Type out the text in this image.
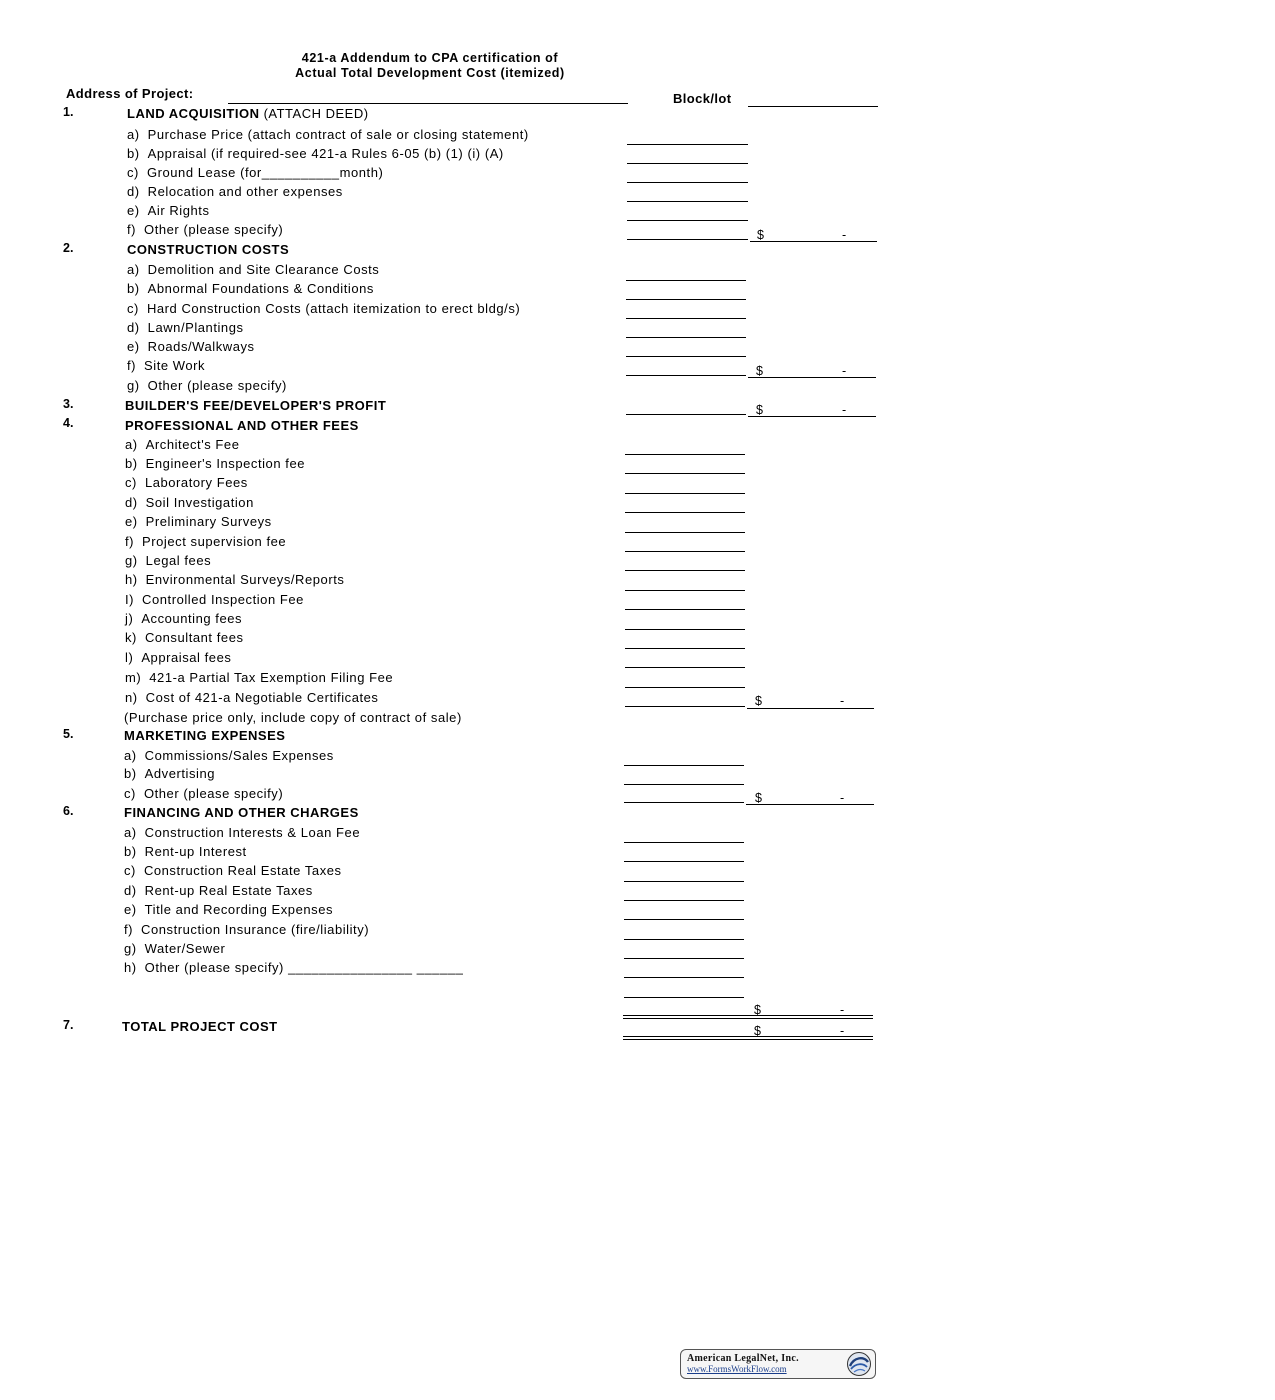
421-a Addendum to CPA certification of
Actual Total Development Cost (itemized)
Address of Project:	Block/lot
1.	LAND ACQUISITION (ATTACH DEED)
a) Purchase Price (attach contract of sale or closing statement)
b) Appraisal (if required-see 421-a Rules 6-05 (b) (1) (i) (A)
c) Ground Lease (for__________month)
d) Relocation and other expenses
e) Air Rights
f) Other (please specify)	$	-
2.	CONSTRUCTION COSTS
a) Demolition and Site Clearance Costs
b) Abnormal Foundations & Conditions
c) Hard Construction Costs (attach itemization to erect bldg/s)
d) Lawn/Plantings
e) Roads/Walkways
f) Site Work	$	-
g) Other (please specify)
3.	BUILDER'S FEE/DEVELOPER'S PROFIT	$	-
4.	PROFESSIONAL AND OTHER FEES
a) Architect's Fee
b) Engineer's Inspection fee
c) Laboratory Fees
d) Soil Investigation
e) Preliminary Surveys
f) Project supervision fee
g) Legal fees
h) Environmental Surveys/Reports
I) Controlled Inspection Fee
j) Accounting fees
k) Consultant fees
l) Appraisal fees
m) 421-a Partial Tax Exemption Filing Fee
n) Cost of 421-a Negotiable Certificates	$	-
(Purchase price only, include copy of contract of sale)
5.	MARKETING EXPENSES
a) Commissions/Sales Expenses
b) Advertising
c) Other (please specify)	$	-
6.	FINANCING AND OTHER CHARGES
a) Construction Interests & Loan Fee
b) Rent-up Interest
c) Construction Real Estate Taxes
d) Rent-up Real Estate Taxes
e) Title and Recording Expenses
f) Construction Insurance (fire/liability)
g) Water/Sewer
h) Other (please specify) ________________ ______
$	-
7.	TOTAL PROJECT COST	$	-
American LegalNet, Inc.
www.FormsWorkFlow.com
